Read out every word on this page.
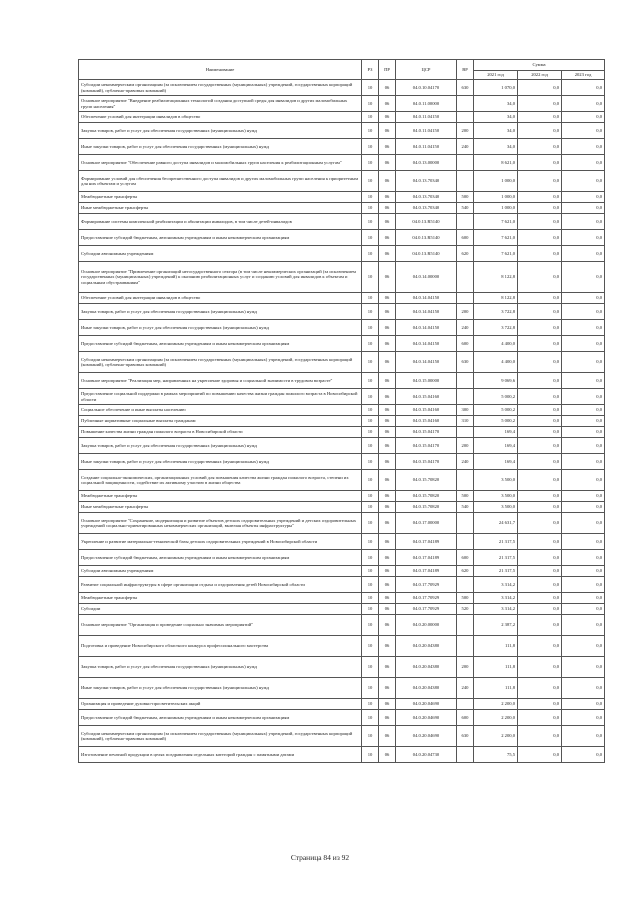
Наименование	РЗ	ПР	ЦСР	ВР	Сумма		
					2021 год	2022 год	2023 год
Субсидии некоммерческим организациям (за исключением государственных (муниципальных) учреждений, государственных корпораций (компаний), публично-правовых компаний)	10	06	04.0.10.04170	630	1 070,0	0,0	0,0
Основное мероприятие "Внедрение реабилитационных технологий создания доступной среды для инвалидов и других маломобильных групп населения"	10	06	04.0.11.00000		34,0	0,0	0,0
Обеспечение условий для интеграции инвалидов в общество	10	06	04.0.11.04150		34,0	0,0	0,0
Закупка товаров, работ и услуг для обеспечения государственных (муниципальных) нужд	10	06	04.0.11.04150	200	34,0	0,0	0,0
Иные закупки товаров, работ и услуг для обеспечения государственных (муниципальных) нужд	10	06	04.0.11.04150	240	34,0	0,0	0,0
Основное мероприятие "Обеспечение равного доступа инвалидов и маломобильных групп населения к реабилитационным услугам"	10	06	04.0.13.00000		8 621,0	0,0	0,0
Формирование условий для обеспечения беспрепятственного доступа инвалидов и других маломобильных групп населения к приоритетным для них объектам и услугам	10	06	04.0.13.70340		1 000,0	0,0	0,0
Межбюджетные трансферты	10	06	04.0.13.70340	500	1 000,0	0,0	0,0
Иные межбюджетные трансферты	10	06	04.0.13.70340	540	1 000,0	0,0	0,0
Формирование системы комплексной реабилитации и абилитации инвалидов, в том числе детей-инвалидов	10	06	04.0.13.R5140		7 621,0	0,0	0,0
Предоставление субсидий бюджетным, автономным учреждениям и иным некоммерческим организациям	10	06	04.0.13.R5140	600	7 621,0	0,0	0,0
Субсидии автономным учреждениям	10	06	04.0.13.R5140	620	7 621,0	0,0	0,0
Основное мероприятие "Привлечение организаций негосударственного сектора (в том числе некоммерческих организаций (за исключением государственных (муниципальных) учреждений) к оказанию реабилитационных услуг и созданию условий для инвалидов к объектам и социальным обустраиваниям"	10	06	04.0.14.00000		8 122,8	0,0	0,0
Обеспечение условий для интеграции инвалидов в общество	10	06	04.0.14.04150		8 122,8	0,0	0,0
Закупка товаров, работ и услуг для обеспечения государственных (муниципальных) нужд	10	06	04.0.14.04150	200	3 722,8	0,0	0,0
Иные закупки товаров, работ и услуг для обеспечения государственных (муниципальных) нужд	10	06	04.0.14.04150	240	3 722,8	0,0	0,0
Предоставление субсидий бюджетным, автономным учреждениям и иным некоммерческим организациям	10	06	04.0.14.04150	600	4 400,0	0,0	0,0
Субсидии некоммерческим организациям (за исключением государственных (муниципальных) учреждений, государственных корпораций (компаний), публично-правовых компаний)	10	06	04.0.14.04150	630	4 400,0	0,0	0,0
Основное мероприятие "Реализация мер, направленных на укрепление здоровья и социальной значимости в трудовом возрасте"	10	06	04.0.15.00000		9 069,6	0,0	0,0
Предоставление социальной поддержки в рамках мероприятий по повышению качества жизни граждан пожилого возраста в Новосибирской области	10	06	04.0.15.04160		5 000,2	0,0	0,0
Социальное обеспечение и иные выплаты населению	10	06	04.0.15.04160	300	5 000,2	0,0	0,0
Публичные нормативные социальные выплаты гражданам	10	06	04.0.15.04160	310	5 000,2	0,0	0,0
Повышение качества жизни граждан пожилого возраста в Новосибирской области	10	06	04.0.15.04170		169,4	0,0	0,0
Закупка товаров, работ и услуг для обеспечения государственных (муниципальных) нужд	10	06	04.0.15.04170	200	169,4	0,0	0,0
Иные закупки товаров, работ и услуг для обеспечения государственных (муниципальных) нужд	10	06	04.0.15.04170	240	169,4	0,0	0,0
Создание социально-экономических, организационных условий для повышения качества жизни граждан пожилого возраста, степени их социальной защищенности, содействие их активному участию в жизни общества	10	06	04.0.15.70820		3 500,0	0,0	0,0
Межбюджетные трансферты	10	06	04.0.15.70820	500	3 500,0	0,0	0,0
Иные межбюджетные трансферты	10	06	04.0.15.70820	540	3 500,0	0,0	0,0
Основное мероприятие "Сохранение, модернизация и развитие объектов детских оздоровительных учреждений и детских оздоровительных учреждений социально-ориентированных некоммерческих организаций, включая объекты инфраструктуры"	10	06	04.0.17.00000		24 631,7	0,0	0,0
Укрепление и развитие материально-технической базы детских оздоровительных учреждений в Новосибирской области	10	06	04.0.17.04189		21 317,5	0,0	0,0
Предоставление субсидий бюджетным, автономным учреждениям и иным некоммерческим организациям	10	06	04.0.17.04189	600	21 317,5	0,0	0,0
Субсидии автономным учреждениям	10	06	04.0.17.04189	620	21 317,5	0,0	0,0
Развитие социальной инфраструктуры в сфере организации отдыха и оздоровления детей Новосибирской области	10	06	04.0.17.70929		3 314,2	0,0	0,0
Межбюджетные трансферты	10	06	04.0.17.70929	500	3 314,2	0,0	0,0
Субсидии	10	06	04.0.17.70929	520	3 314,2	0,0	0,0
Основное мероприятие "Организация и проведение социально значимых мероприятий"	10	06	04.0.20.00000		2 387,2	0,0	0,0
Подготовка и проведение Новосибирского областного конкурса профессионального мастерства	10	06	04.0.20.04380		111,8	0,0	0,0
Закупка товаров, работ и услуг для обеспечения государственных (муниципальных) нужд	10	06	04.0.20.04380	200	111,8	0,0	0,0
Иные закупки товаров, работ и услуг для обеспечения государственных (муниципальных) нужд	10	06	04.0.20.04380	240	111,8	0,0	0,0
Организация и проведение духовно-просветительских акций	10	06	04.0.20.04690		2 200,0	0,0	0,0
Предоставление субсидий бюджетным, автономным учреждениям и иным некоммерческим организациям	10	06	04.0.20.04690	600	2 200,0	0,0	0,0
Субсидии некоммерческим организациям (за исключением государственных (муниципальных) учреждений, государственных корпораций (компаний), публично-правовых компаний)	10	06	04.0.20.04690	630	2 200,0	0,0	0,0
Изготовление печатной продукции в целях поздравления отдельных категорий граждан с памятными датами	10	06	04.0.20.04730		75,5	0,0	0,0
Страница 84 из 92
